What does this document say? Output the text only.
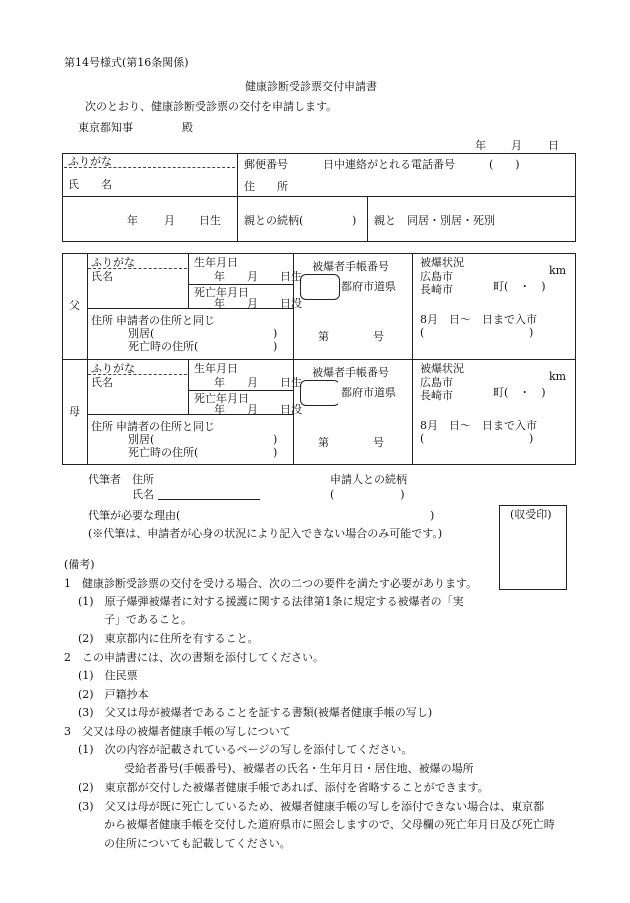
第14号様式(第16条関係)
健康診断受診票交付申請書
次のとおり、健康診断受診票の交付を申請します。
東京都知事	殿
年 月 日
ふりがな
氏　　名
郵便番号	日中連絡がとれる電話番号	(　　)
住　　所
年 月 日生 親との続柄(	) 親と　同居・別居・死別
父
ふりがな
氏名
生年月日
年　　月　　日生
死亡年月日
年　　月　　日没
住所 申請者の住所と同じ
別居(	)
死亡時の住所(	)
被爆者手帳番号
都府市道県
第　　　　号
被爆状況
広島市	km
長崎市	町(　・　)
8月　日～　日まで入市
(	)
母
ふりがな
氏名
生年月日
年　　月　　日生
死亡年月日
年　　月　　日没
住所 申請者の住所と同じ
別居(	)
死亡時の住所(	)
被爆者手帳番号
都府市道県
第　　　　号
被爆状況
広島市	km
長崎市	町(　・　)
8月　日～　日まで入市
(	)
代筆者 住所
氏名
申請人との続柄
(　　　　　　)
代筆が必要な理由(	)
(※代筆は、申請者が心身の状況により記入できない場合のみ可能です。)
(収受印)
(備考)
1　健康診断受診票の交付を受ける場合、次の二つの要件を満たす必要があります。
(1)　原子爆弾被爆者に対する援護に関する法律第1条に規定する被爆者の「実
子」であること。
(2)　東京都内に住所を有すること。
2　この申請書には、次の書類を添付してください。
(1)　住民票
(2)　戸籍抄本
(3)　父又は母が被爆者であることを証する書類(被爆者健康手帳の写し)
3　父又は母の被爆者健康手帳の写しについて
(1)　次の内容が記載されているページの写しを添付してください。
受給者番号(手帳番号)、被爆者の氏名・生年月日・居住地、被爆の場所
(2)　東京都が交付した被爆者健康手帳であれば、添付を省略することができます。
(3)　父又は母が既に死亡しているため、被爆者健康手帳の写しを添付できない場合は、東京都
から被爆者健康手帳を交付した道府県市に照会しますので、父母欄の死亡年月日及び死亡時
の住所についても記載してください。
